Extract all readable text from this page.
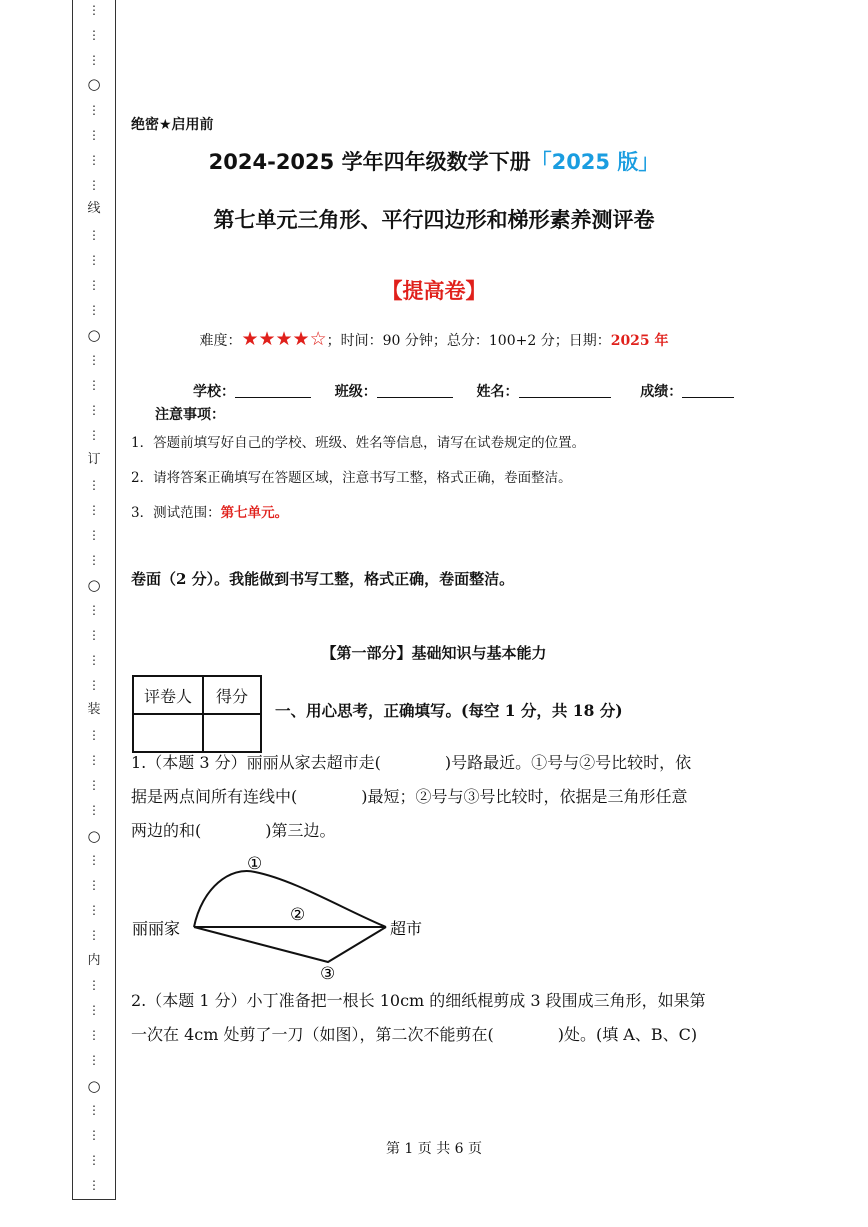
⋮
⋮
⋮
⋮
⋮
⋮
⋮
⋮
⋮
⋮
⋮
⋮
⋮
⋮
⋮
⋮
⋮
⋮
⋮
⋮
⋮
⋮
⋮
⋮
⋮
⋮
⋮
⋮
⋮
⋮
⋮
⋮
⋮
⋮
⋮
⋮
⋮
⋮
⋮
○
线
○
订
○
装
○
内
○
绝密★启用前
2024-2025 学年四年级数学下册「2025 版」
第七单元三角形、平行四边形和梯形素养测评卷
【提高卷】
难度：★★★★☆；时间：90 分钟；总分：100+2 分；日期：2025 年
学校：	班级：	姓名：	成绩：
注意事项：
1．答题前填写好自己的学校、班级、姓名等信息，请写在试卷规定的位置。
2．请将答案正确填写在答题区域，注意书写工整，格式正确，卷面整洁。
3．测试范围：第七单元。
卷面（2 分）。我能做到书写工整，格式正确，卷面整洁。
【第一部分】基础知识与基本能力
评卷人	得分

一、用心思考，正确填写。(每空 1 分，共 18 分)
1.（本题 3 分）丽丽从家去超市走(　　　　)号路最近。①号与②号比较时，依
据是两点间所有连线中(　　　　)最短；②号与③号比较时，依据是三角形任意
两边的和(　　　　)第三边。
丽丽家	超市
①
②
③
2.（本题 1 分）小丁准备把一根长 10cm 的细纸棍剪成 3 段围成三角形，如果第
一次在 4cm 处剪了一刀（如图），第二次不能剪在(　　　　)处。(填 A、B、C)
第 1 页 共 6 页
